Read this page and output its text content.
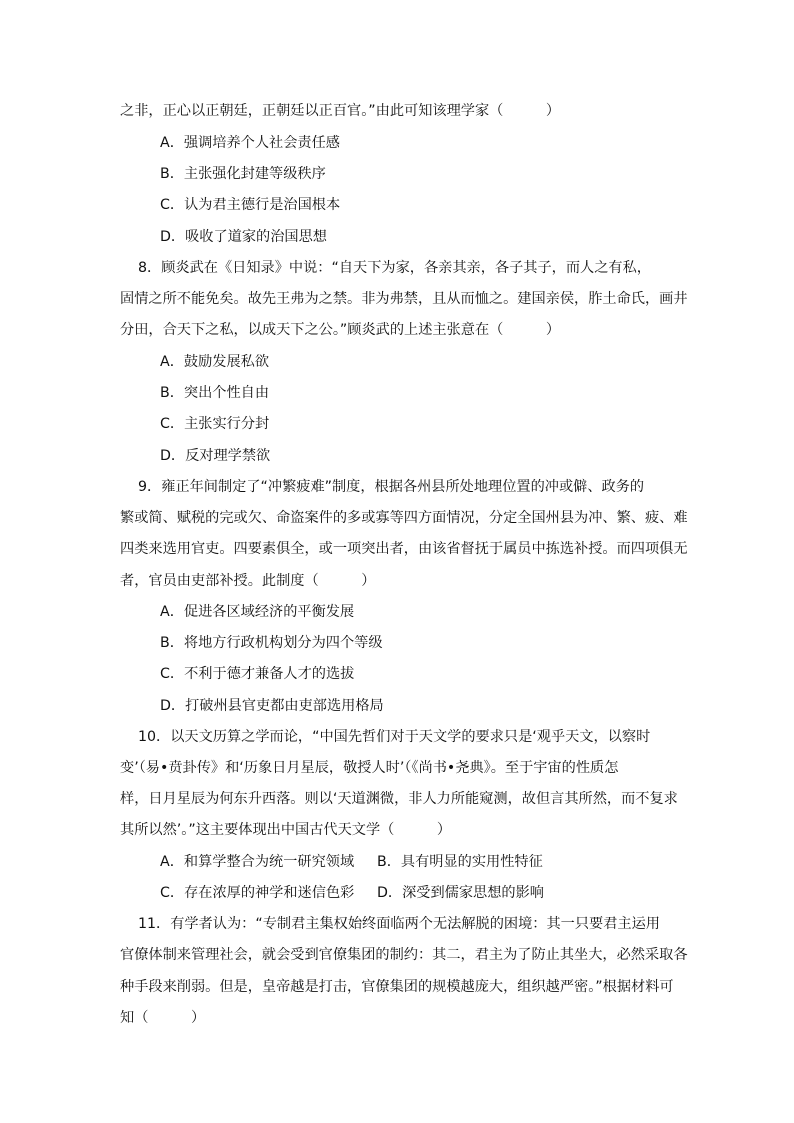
之非，正心以正朝廷，正朝廷以正百官。”由此可知该理学家（　　　）
A．强调培养个人社会责任感
B．主张强化封建等级秩序
C．认为君主德行是治国根本
D．吸收了道家的治国思想
8．顾炎武在《日知录》中说：“自天下为家，各亲其亲，各子其子，而人之有私，
固情之所不能免矣。故先王弗为之禁。非为弗禁，且从而恤之。建国亲侯，胙土命氏，画井
分田，合天下之私，以成天下之公。”顾炎武的上述主张意在（　　　）
A．鼓励发展私欲
B．突出个性自由
C．主张实行分封
D．反对理学禁欲
9．雍正年间制定了“冲繁疲难”制度，根据各州县所处地理位置的冲或僻、政务的
繁或简、赋税的完或欠、命盗案件的多或寡等四方面情况，分定全国州县为冲、繁、疲、难
四类来选用官吏。四要素俱全，或一项突出者，由该省督抚于属员中拣选补授。而四项俱无
者，官员由吏部补授。此制度（　　　）
A．促进各区域经济的平衡发展
B．将地方行政机构划分为四个等级
C．不利于德才兼备人才的选拔
D．打破州县官吏都由吏部选用格局
10．以天文历算之学而论，“中国先哲们对于天文学的要求只是‘观乎天文，以察时
变’（易•贲卦传》和‘历象日月星辰，敬授人时’（《尚书•尧典》。至于宇宙的性质怎
样，日月星辰为何东升西落。则以‘天道渊微，非人力所能窥测，故但言其所然，而不复求
其所以然’。”这主要体现出中国古代天文学（　　　）
A．和算学整合为统一研究领域 B．具有明显的实用性特征
C．存在浓厚的神学和迷信色彩 D．深受到儒家思想的影响
11．有学者认为：“专制君主集权始终面临两个无法解脱的困境：其一只要君主运用
官僚体制来管理社会，就会受到官僚集团的制约：其二，君主为了防止其坐大，必然采取各
种手段来削弱。但是，皇帝越是打击，官僚集团的规模越庞大，组织越严密。”根据材料可
知（　　　）
